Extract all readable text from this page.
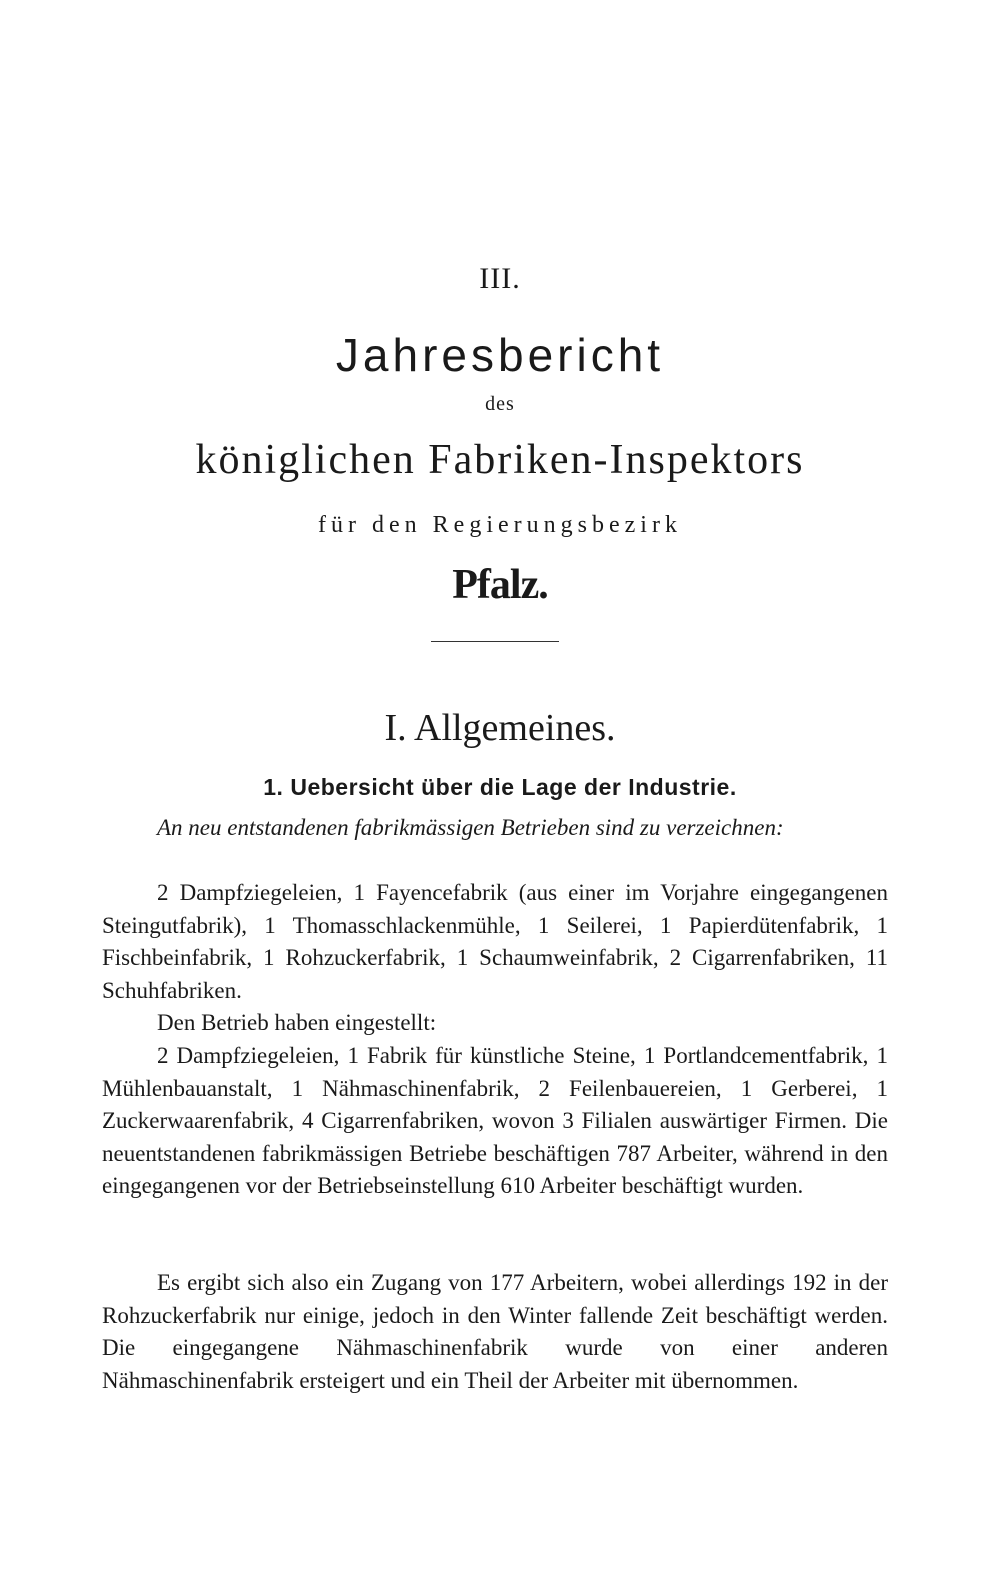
III.
Jahresbericht
des
königlichen Fabriken-Inspektors
für den Regierungsbezirk
Pfalz.
I. Allgemeines.
1. Uebersicht über die Lage der Industrie.

An neu entstandenen fabrikmässigen Betrieben sind zu verzeichnen:

2 Dampfziegeleien, 1 Fayencefabrik (aus einer im Vorjahre eingegangenen Steingutfabrik), 1 Thomasschlackenmühle, 1 Seilerei, 1 Papierdütenfabrik, 1 Fischbeinfabrik, 1 Rohzuckerfabrik, 1 Schaumweinfabrik, 2 Cigarrenfabriken, 11 Schuhfabriken.

Den Betrieb haben eingestellt:

2 Dampfziegeleien, 1 Fabrik für künstliche Steine, 1 Portlandcementfabrik, 1 Mühlenbauanstalt, 1 Nähmaschinenfabrik, 2 Feilenbauereien, 1 Gerberei, 1 Zuckerwaarenfabrik, 4 Cigarrenfabriken, wovon 3 Filialen auswärtiger Firmen. Die neuentstandenen fabrikmässigen Betriebe beschäftigen 787 Arbeiter, während in den eingegangenen vor der Betriebseinstellung 610 Arbeiter beschäftigt wurden.

Es ergibt sich also ein Zugang von 177 Arbeitern, wobei allerdings 192 in der Rohzuckerfabrik nur einige, jedoch in den Winter fallende Zeit beschäftigt werden. Die eingegangene Nähmaschinenfabrik wurde von einer anderen Nähmaschinenfabrik ersteigert und ein Theil der Arbeiter mit übernommen.
